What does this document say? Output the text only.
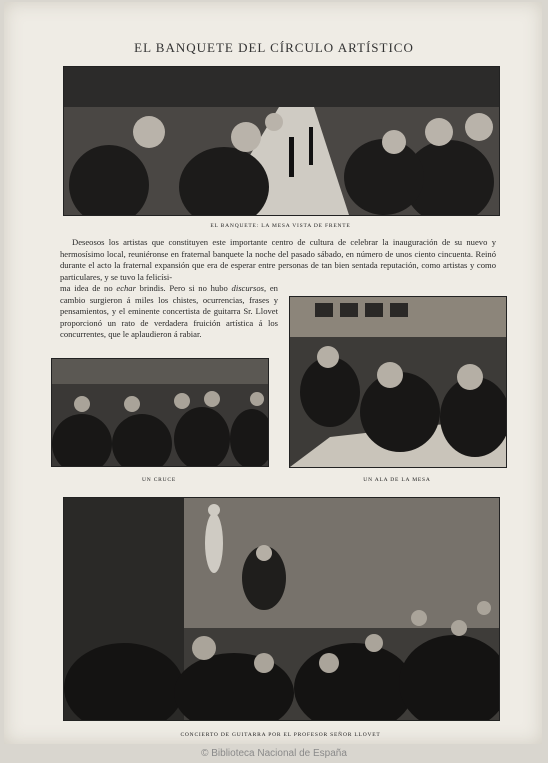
EL BANQUETE DEL CÍRCULO ARTÍSTICO
EL BANQUETE: LA MESA VISTA DE FRENTE
Deseosos los artistas que constituyen este importante centro de cultura de celebrar la inauguración de su nuevo y hermosísimo local, reuniéronse en fraternal banquete la noche del pasado sábado, en número de unos ciento cincuenta. Reinó durante el acto la fraternal expansión que era de esperar entre personas de tan bien sentada reputación, como artistas y como particulares, y se tuvo la felicísi-
ma idea de no echar brindis. Pero si no hubo discursos, en cambio surgieron á miles los chistes, ocurrencias, frases y pensamientos, y el eminente concertista de guitarra Sr. Llovet proporcionó un rato de verdadera fruición artística á los concurrentes, que le aplaudieron á rabiar.
UN ALA DE LA MESA
UN CRUCE
CONCIERTO DE GUITARRA POR EL PROFESOR SEÑOR LLOVET
© Biblioteca Nacional de España
